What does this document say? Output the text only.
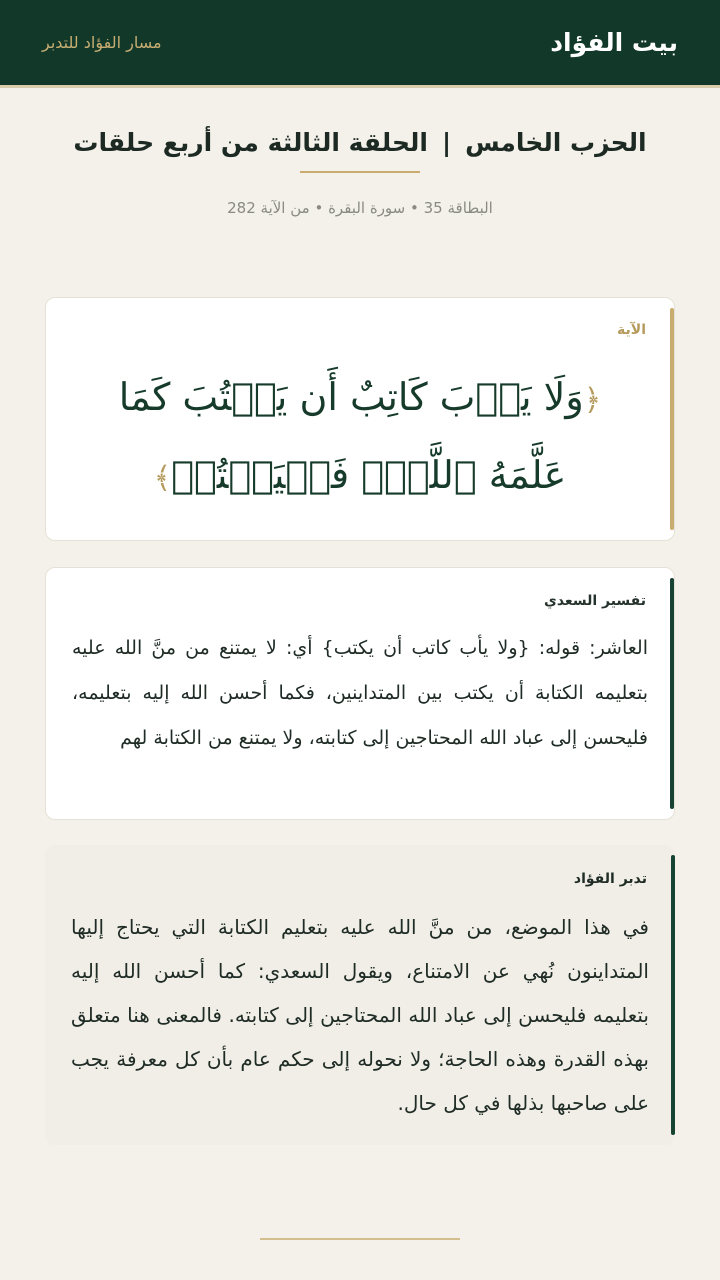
بيت الفؤاد
مسار الفؤاد للتدبر
الحزب الخامس|الحلقة الثالثة من أربع حلقات
البطاقة 35 • سورة البقرة • من الآية 282
الآية
﴿وَلَا يَأۡبَ كَاتِبٌ أَن يَكۡتُبَ كَمَا عَلَّمَهُ ٱللَّهُۚ فَلۡيَكۡتُبۡ﴾
تفسير السعدي
العاشر: قوله: {ولا يأب كاتب أن يكتب} أي: لا يمتنع من منَّ الله عليه بتعليمه الكتابة أن يكتب بين المتداينين، فكما أحسن الله إليه بتعليمه، فليحسن إلى عباد الله المحتاجين إلى كتابته، ولا يمتنع من الكتابة لهم
تدبر الفؤاد
في هذا الموضع، من منَّ الله عليه بتعليم الكتابة التي يحتاج إليها المتداينون نُهي عن الامتناع، ويقول السعدي: كما أحسن الله إليه بتعليمه فليحسن إلى عباد الله المحتاجين إلى كتابته. فالمعنى هنا متعلق بهذه القدرة وهذه الحاجة؛ ولا نحوله إلى حكم عام بأن كل معرفة يجب على صاحبها بذلها في كل حال.
